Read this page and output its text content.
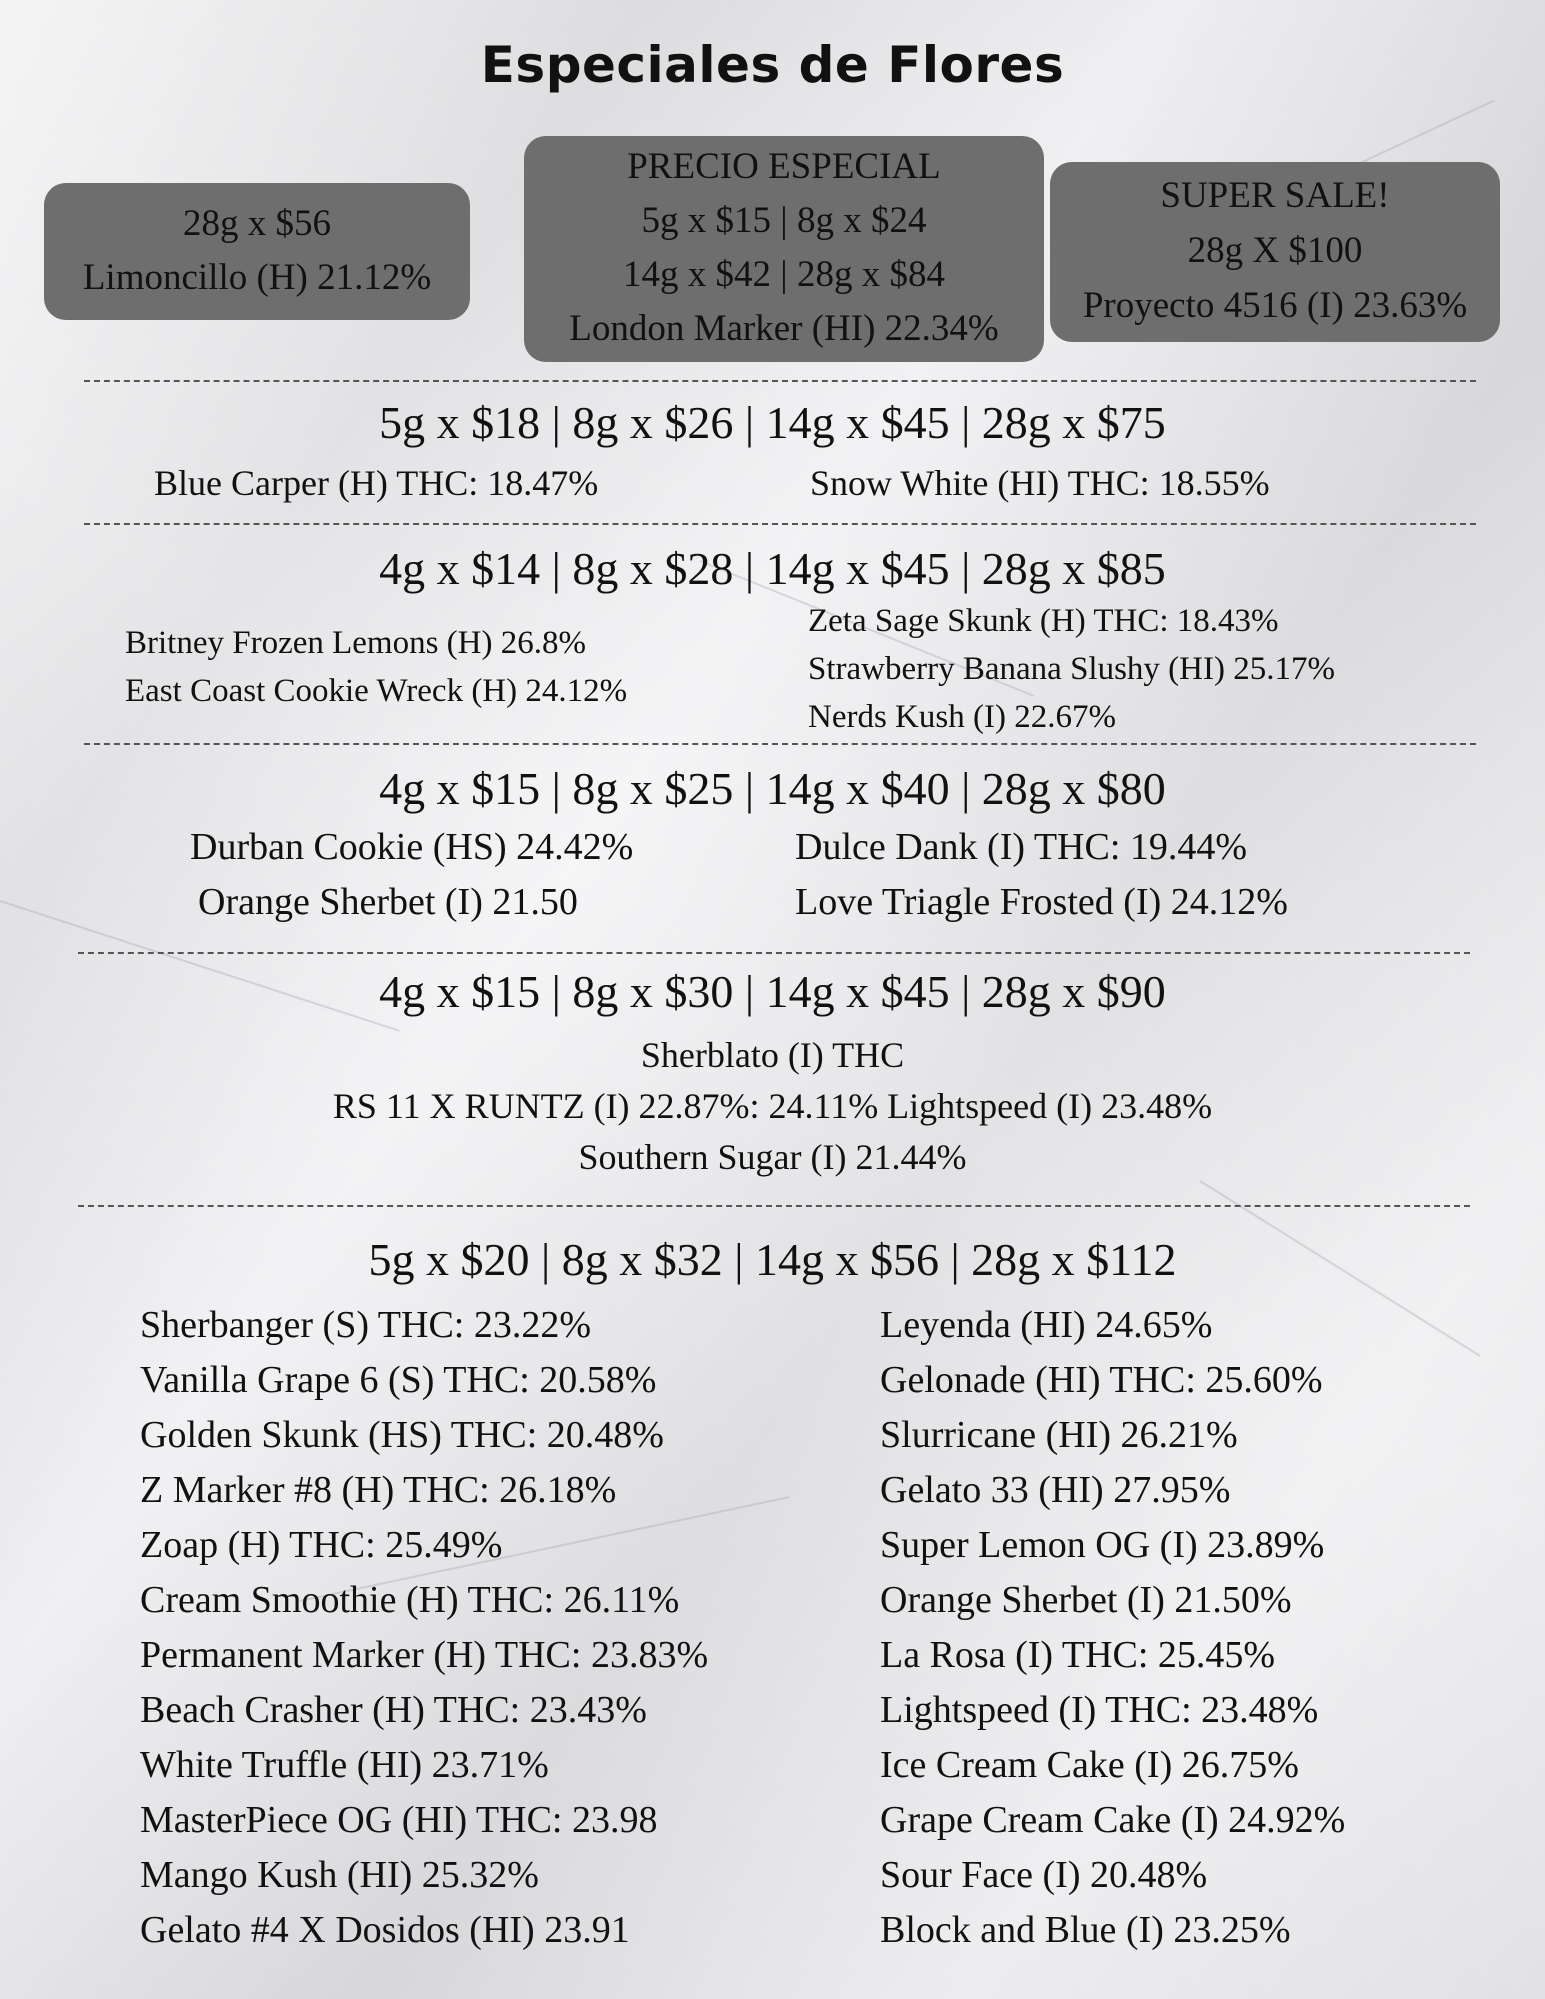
Especiales de Flores
28g x $56
Limoncillo (H) 21.12%
PRECIO ESPECIAL
5g x $15 | 8g x $24
14g x $42 | 28g x $84
London Marker (HI) 22.34%
SUPER SALE!
28g X $100
Proyecto 4516 (I) 23.63%
5g x $18 | 8g x $26 | 14g x $45 | 28g x $75
Blue Carper (H) THC: 18.47%	Snow White (HI) THC: 18.55%
4g x $14 | 8g x $28 | 14g x $45 | 28g x $85
Britney Frozen Lemons (H) 26.8%
East Coast Cookie Wreck (H) 24.12%
Zeta Sage Skunk (H) THC: 18.43%
Strawberry Banana Slushy (HI) 25.17%
Nerds Kush (I) 22.67%
4g x $15 | 8g x $25 | 14g x $40 | 28g x $80
Durban Cookie (HS) 24.42%
Orange Sherbet (I) 21.50
Dulce Dank (I) THC: 19.44%
Love Triagle Frosted (I) 24.12%
4g x $15 | 8g x $30 | 14g x $45 | 28g x $90
Sherblato (I) THC
RS 11 X RUNTZ (I) 22.87%: 24.11% Lightspeed (I) 23.48%
Southern Sugar (I) 21.44%
5g x $20 | 8g x $32 | 14g x $56 | 28g x $112
Sherbanger (S) THC: 23.22%
Vanilla Grape 6 (S) THC: 20.58%
Golden Skunk (HS) THC: 20.48%
Z Marker #8 (H) THC: 26.18%
Zoap (H) THC: 25.49%
Cream Smoothie (H) THC: 26.11%
Permanent Marker (H) THC: 23.83%
Beach Crasher (H) THC: 23.43%
White Truffle (HI) 23.71%
MasterPiece OG (HI) THC: 23.98
Mango Kush (HI) 25.32%
Gelato #4 X Dosidos (HI) 23.91
Leyenda (HI) 24.65%
Gelonade (HI) THC: 25.60%
Slurricane (HI) 26.21%
Gelato 33 (HI) 27.95%
Super Lemon OG (I) 23.89%
Orange Sherbet (I) 21.50%
La Rosa (I) THC: 25.45%
Lightspeed (I) THC: 23.48%
Ice Cream Cake (I) 26.75%
Grape Cream Cake (I) 24.92%
Sour Face (I) 20.48%
Block and Blue (I) 23.25%
